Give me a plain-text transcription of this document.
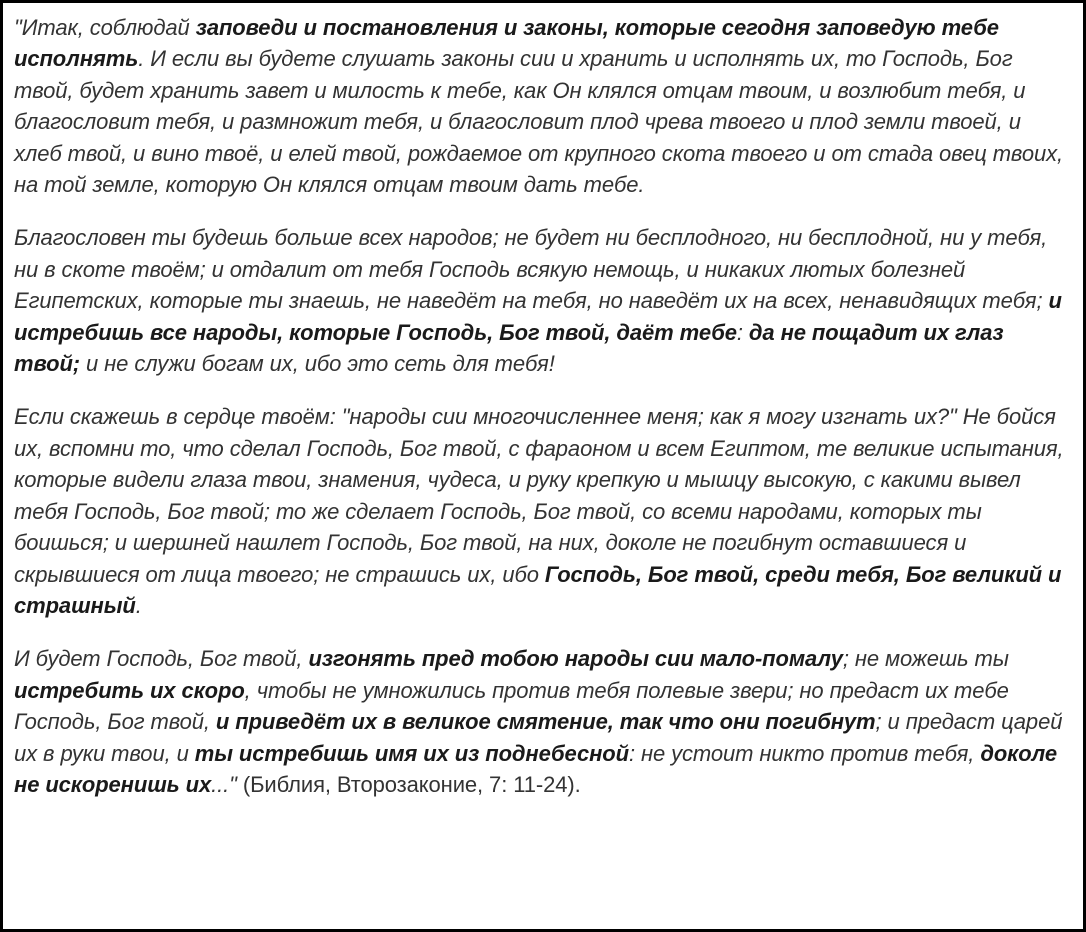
"Итак, соблюдай заповеди и постановления и законы, которые сегодня заповедую тебе исполнять. И если вы будете слушать законы сии и хранить и исполнять их, то Господь, Бог твой, будет хранить завет и милость к тебе, как Он клялся отцам твоим, и возлюбит тебя, и благословит тебя, и размножит тебя, и благословит плод чрева твоего и плод земли твоей, и хлеб твой, и вино твоё, и елей твой, рождаемое от крупного скота твоего и от стада овец твоих, на той земле, которую Он клялся отцам твоим дать тебе.

Благословен ты будешь больше всех народов; не будет ни бесплодного, ни бесплодной, ни у тебя, ни в скоте твоём; и отдалит от тебя Господь всякую немощь, и никаких лютых болезней Египетских, которые ты знаешь, не наведёт на тебя, но наведёт их на всех, ненавидящих тебя; и истребишь все народы, которые Господь, Бог твой, даёт тебе: да не пощадит их глаз твой; и не служи богам их, ибо это сеть для тебя!

Если скажешь в сердце твоём: "народы сии многочисленнее меня; как я могу изгнать их?" Не бойся их, вспомни то, что сделал Господь, Бог твой, с фараоном и всем Египтом, те великие испытания, которые видели глаза твои, знамения, чудеса, и руку крепкую и мышцу высокую, с какими вывел тебя Господь, Бог твой; то же сделает Господь, Бог твой, со всеми народами, которых ты боишься; и шершней нашлет Господь, Бог твой, на них, доколе не погибнут оставшиеся и скрывшиеся от лица твоего; не страшись их, ибо Господь, Бог твой, среди тебя, Бог великий и страшный.

И будет Господь, Бог твой, изгонять пред тобою народы сии мало-помалу; не можешь ты истребить их скоро, чтобы не умножились против тебя полевые звери; но предаст их тебе Господь, Бог твой, и приведёт их в великое смятение, так что они погибнут; и предаст царей их в руки твои, и ты истребишь имя их из поднебесной: не устоит никто против тебя, доколе не искоренишь их..." (Библия, Второзаконие, 7: 11-24).
